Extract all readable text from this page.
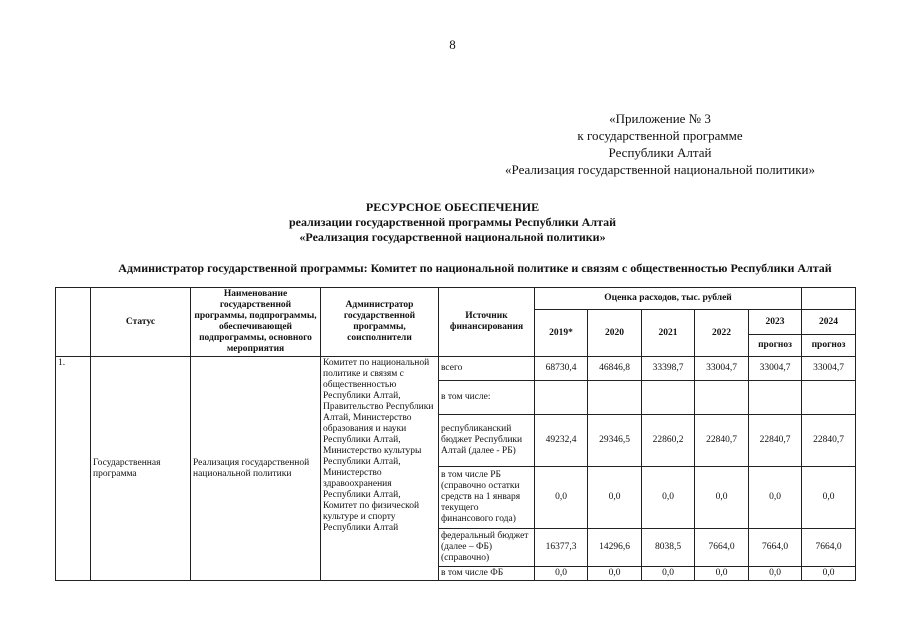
8
«Приложение № 3
к государственной программе
Республики Алтай
«Реализация государственной национальной политики»
РЕСУРСНОЕ ОБЕСПЕЧЕНИЕ
реализации государственной программы Республики Алтай
«Реализация государственной национальной политики»
Администратор государственной программы: Комитет по национальной политике и связям с общественностью Республики Алтай
	Статус	Наименование государственной программы, подпрограммы, обеспечивающей подпрограммы, основного мероприятия	Администратор государственной программы, соисполнители	Источник финансирования	Оценка расходов, тыс. рублей					
					2019*	2020	2021	2022	2023	2024
									прогноз	прогноз
1.	Государственная программа	Реализация государственной национальной политики	Комитет по национальной политике и связям с общественностью Республики Алтай, Правительство Республики Алтай, Министерство образования и науки Республики Алтай, Министерство культуры Республики Алтай, Министерство здравоохранения Республики Алтай, Комитет по физической культуре и спорту Республики Алтай	всего	68730,4	46846,8	33398,7	33004,7	33004,7	33004,7
				в том числе:						
				республиканский бюджет Республики Алтай (далее - РБ)	49232,4	29346,5	22860,2	22840,7	22840,7	22840,7
				в том числе РБ (справочно остатки средств на 1 января текущего финансового года)	0,0	0,0	0,0	0,0	0,0	0,0
				федеральный бюджет (далее – ФБ) (справочно)	16377,3	14296,6	8038,5	7664,0	7664,0	7664,0
				в том числе ФБ	0,0	0,0	0,0	0,0	0,0	0,0
